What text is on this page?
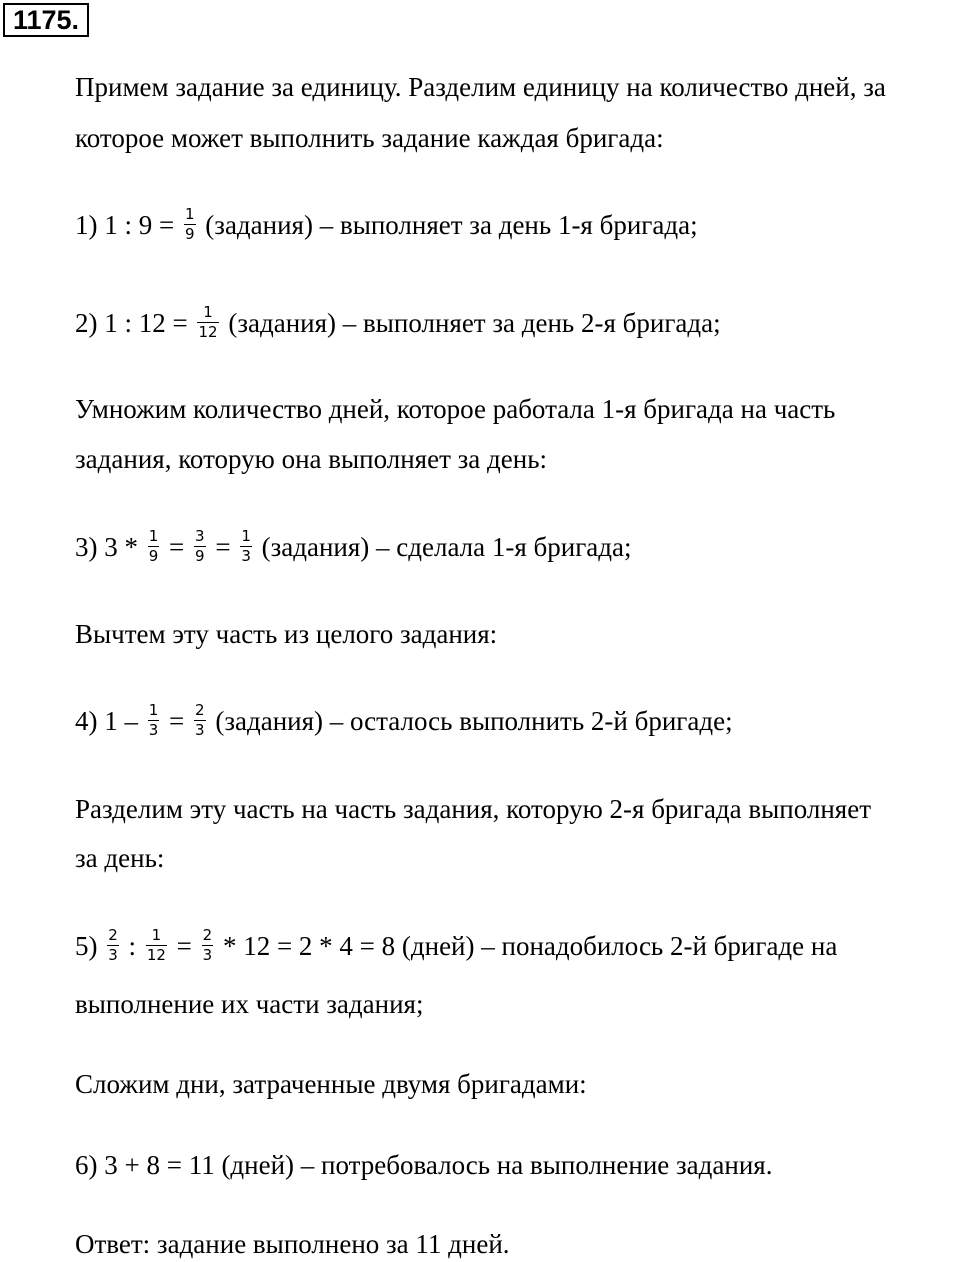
1175.
Примем задание за единицу. Разделим единицу на количество дней, за
которое может выполнить задание каждая бригада:
1) 1 : $9 = \frac{1}{9}$ (задания) – выполняет за день 1-я бригада;
2) 1 : $12 = \frac{1}{12}$ (задания) – выполняет за день 2-я бригада;
Умножим количество дней, которое работала 1-я бригада на часть
задания, которую она выполняет за день:
3) $3 * \frac{1}{9} = \frac{3}{9} = \frac{1}{3}$ (задания) – сделала 1-я бригада;
Вычтем эту часть из целого задания:
4) $1 - \frac{1}{3} = \frac{2}{3}$ (задания) – осталось выполнить 2-й бригаде;
Разделим эту часть на часть задания, которую 2-я бригада выполняет
за день:
$5) \frac{2}{3}$ : $\frac{1}{12} = \frac{2}{3} * 12 = 2 * 4 = 8$ (дней) – понадобилось 2-й бригаде на
выполнение их части задания;
Сложим дни, затраченные двумя бригадами:
6) 3 + 8 = 11 (дней) – потребовалось на выполнение задания.
Ответ: задание выполнено за 11 дней.
